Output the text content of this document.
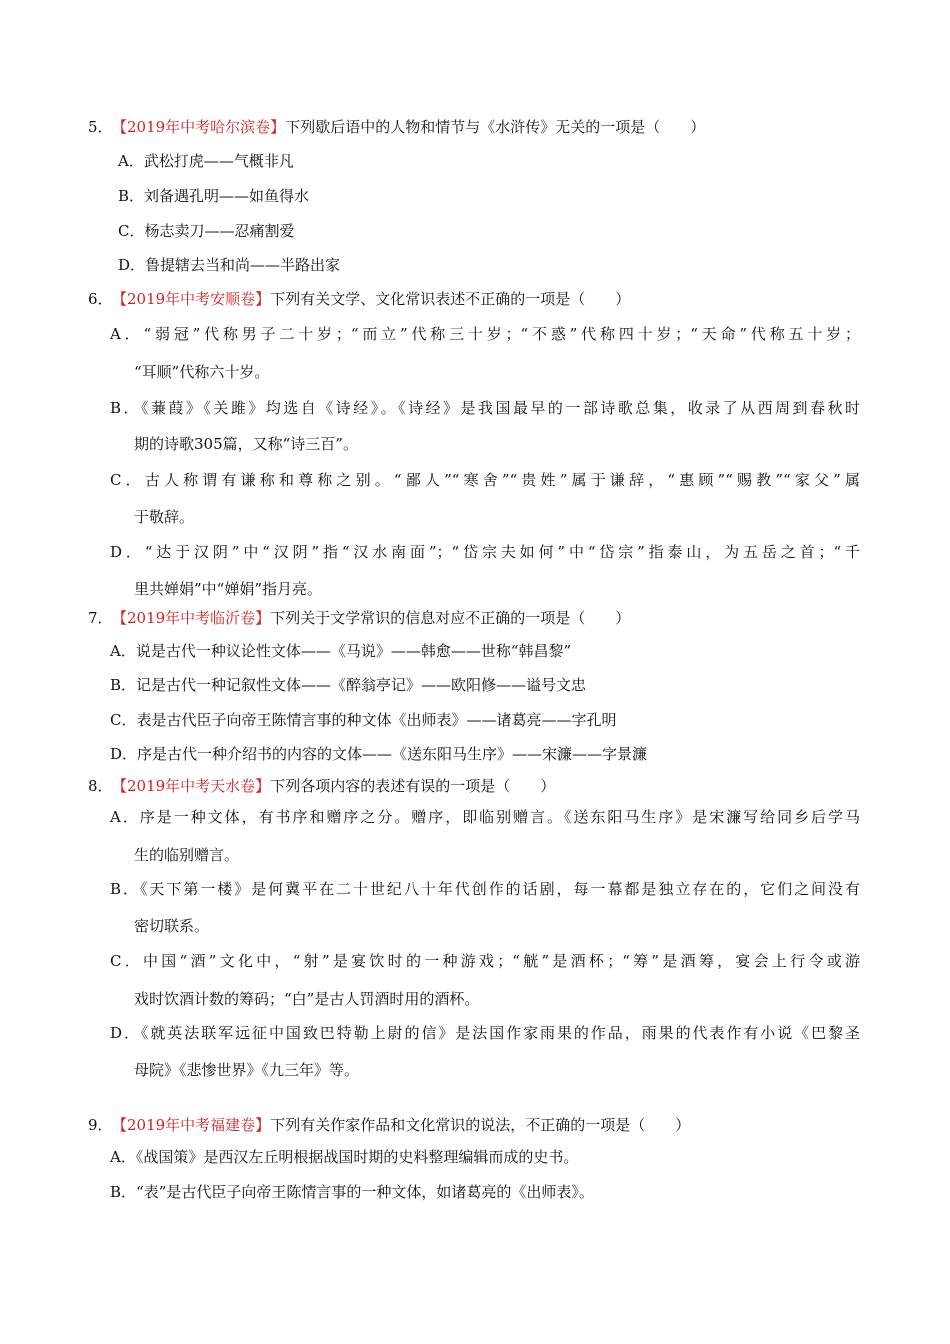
5．【2019年中考哈尔滨卷】下列歇后语中的人物和情节与《水浒传》无关的一项是（　　）
A．武松打虎——气概非凡
B．刘备遇孔明——如鱼得水
C．杨志卖刀——忍痛割爱
D．鲁提辖去当和尚——半路出家
6．【2019年中考安顺卷】下列有关文学、文化常识表述不正确的一项是（　　）
A．“弱冠”代称男子二十岁；“而立”代称三十岁；“不惑”代称四十岁；“天命”代称五十岁；
“耳顺”代称六十岁。
B．《蒹葭》《关雎》均选自《诗经》。《诗经》是我国最早的一部诗歌总集，收录了从西周到春秋时
期的诗歌305篇，又称“诗三百”。
C．古人称谓有谦称和尊称之别。“鄙人”“寒舍”“贵姓”属于谦辞，“惠顾”“赐教”“家父”属
于敬辞。
D．“达于汉阴”中“汉阴”指“汉水南面”；“岱宗夫如何”中“岱宗”指泰山，为五岳之首；“千
里共婵娟”中“婵娟”指月亮。
7．【2019年中考临沂卷】下列关于文学常识的信息对应不正确的一项是（　　）
A．说是古代一种议论性文体——《马说》——韩愈——世称“韩昌黎”
B．记是古代一种记叙性文体——《醉翁亭记》——欧阳修——谥号文忠
C．表是古代臣子向帝王陈情言事的种文体《出师表》——诸葛亮——字孔明
D．序是古代一种介绍书的内容的文体——《送东阳马生序》——宋濂——字景濂
8．【2019年中考天水卷】下列各项内容的表述有误的一项是（　　）
A．序是一种文体，有书序和赠序之分。赠序，即临别赠言。《送东阳马生序》是宋濂写给同乡后学马
生的临别赠言。
B．《天下第一楼》是何冀平在二十世纪八十年代创作的话剧，每一幕都是独立存在的，它们之间没有
密切联系。
C．中国“酒”文化中，“射”是宴饮时的一种游戏；“觥”是酒杯；“筹”是酒筹，宴会上行令或游
戏时饮酒计数的筹码；“白”是古人罚酒时用的酒杯。
D．《就英法联军远征中国致巴特勒上尉的信》是法国作家雨果的作品，雨果的代表作有小说《巴黎圣
母院》《悲惨世界》《九三年》等。
9．【2019年中考福建卷】下列有关作家作品和文化常识的说法，不正确的一项是（　　）
A．《战国策》是西汉左丘明根据战国时期的史料整理编辑而成的史书。
B．“表”是古代臣子向帝王陈情言事的一种文体，如诸葛亮的《出师表》。
